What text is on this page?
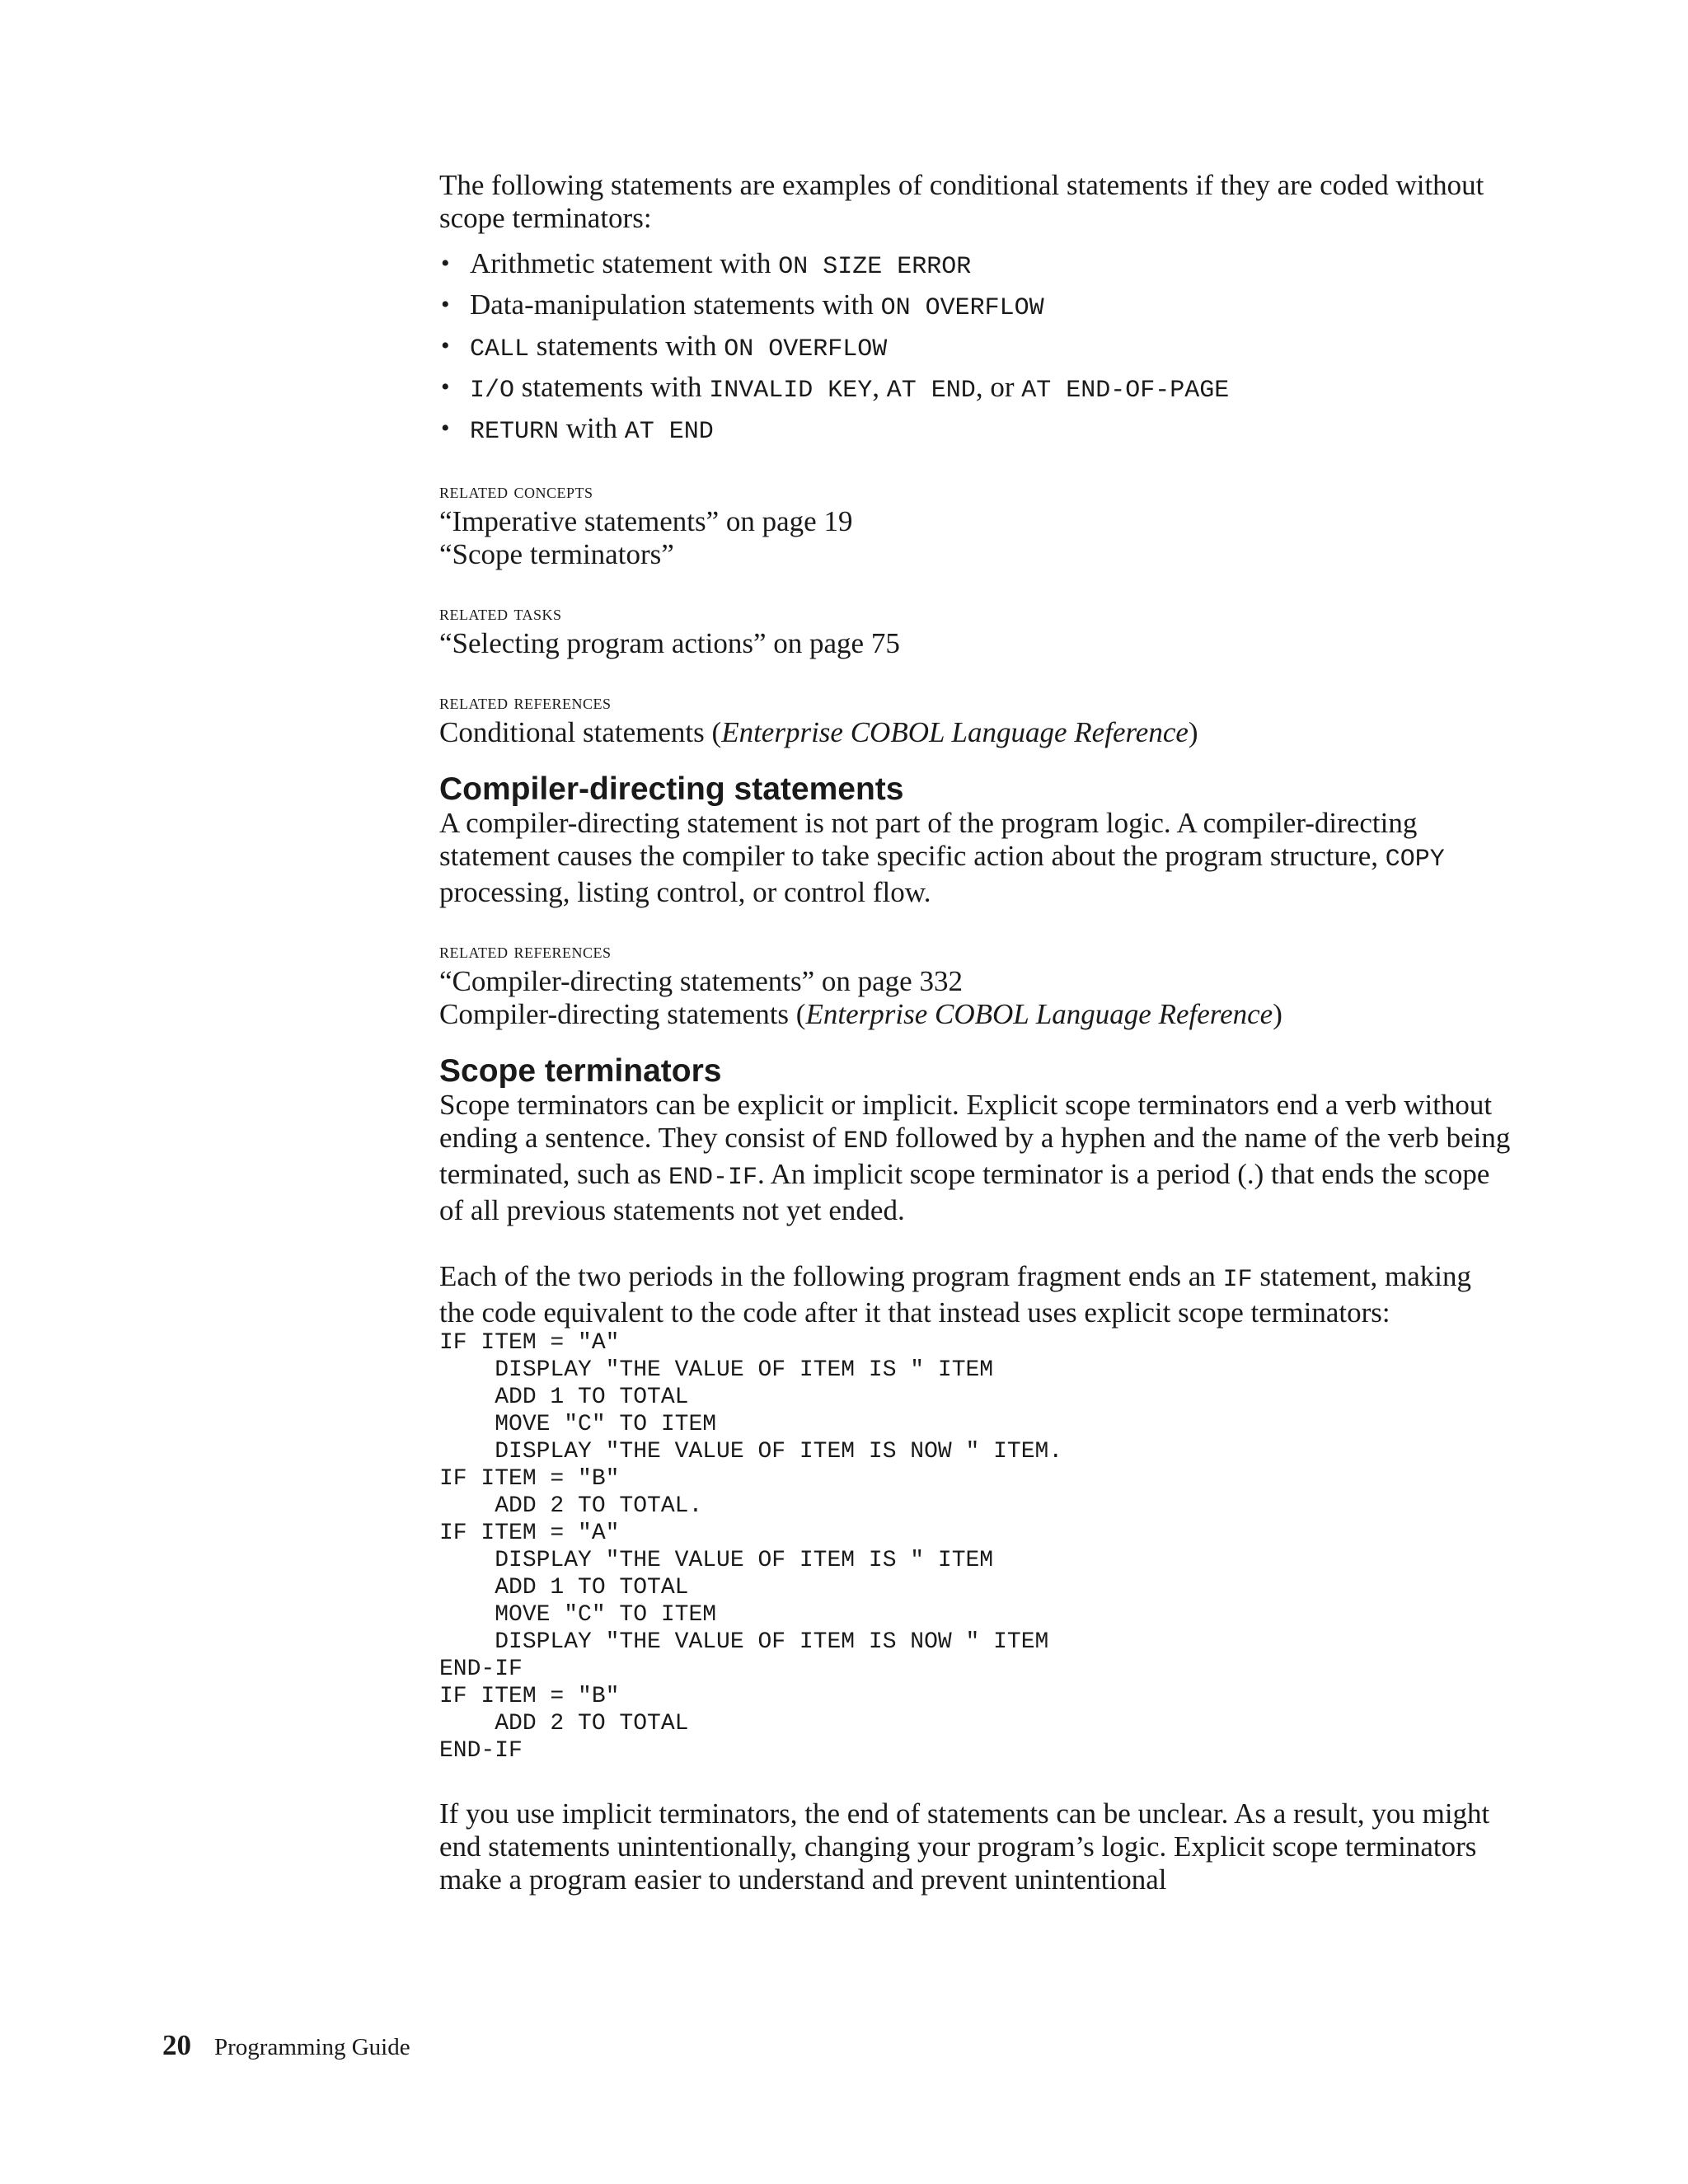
The following statements are examples of conditional statements if they are coded without scope terminators:

• Arithmetic statement with ON SIZE ERROR
• Data-manipulation statements with ON OVERFLOW
• CALL statements with ON OVERFLOW
• I/O statements with INVALID KEY, AT END, or AT END-OF-PAGE
• RETURN with AT END
related concepts
“Imperative statements” on page 19
“Scope terminators”
related tasks
“Selecting program actions” on page 75
related references
Conditional statements (Enterprise COBOL Language Reference)
Compiler-directing statements

A compiler-directing statement is not part of the program logic. A compiler-directing statement causes the compiler to take specific action about the program structure, COPY processing, listing control, or control flow.

related references
“Compiler-directing statements” on page 332
Compiler-directing statements (Enterprise COBOL Language Reference)
Scope terminators

Scope terminators can be explicit or implicit. Explicit scope terminators end a verb without ending a sentence. They consist of END followed by a hyphen and the name of the verb being terminated, such as END-IF. An implicit scope terminator is a period (.) that ends the scope of all previous statements not yet ended.

Each of the two periods in the following program fragment ends an IF statement, making the code equivalent to the code after it that instead uses explicit scope terminators:

IF ITEM = "A"
DISPLAY "THE VALUE OF ITEM IS " ITEM
ADD 1 TO TOTAL
MOVE "C" TO ITEM
DISPLAY "THE VALUE OF ITEM IS NOW " ITEM.
IF ITEM = "B"
ADD 2 TO TOTAL.
IF ITEM = "A"
DISPLAY "THE VALUE OF ITEM IS " ITEM
ADD 1 TO TOTAL
MOVE "C" TO ITEM
DISPLAY "THE VALUE OF ITEM IS NOW " ITEM
END-IF
IF ITEM = "B"
ADD 2 TO TOTAL
END-IF

If you use implicit terminators, the end of statements can be unclear. As a result, you might end statements unintentionally, changing your program’s logic. Explicit scope terminators make a program easier to understand and prevent unintentional

20 Programming Guide
